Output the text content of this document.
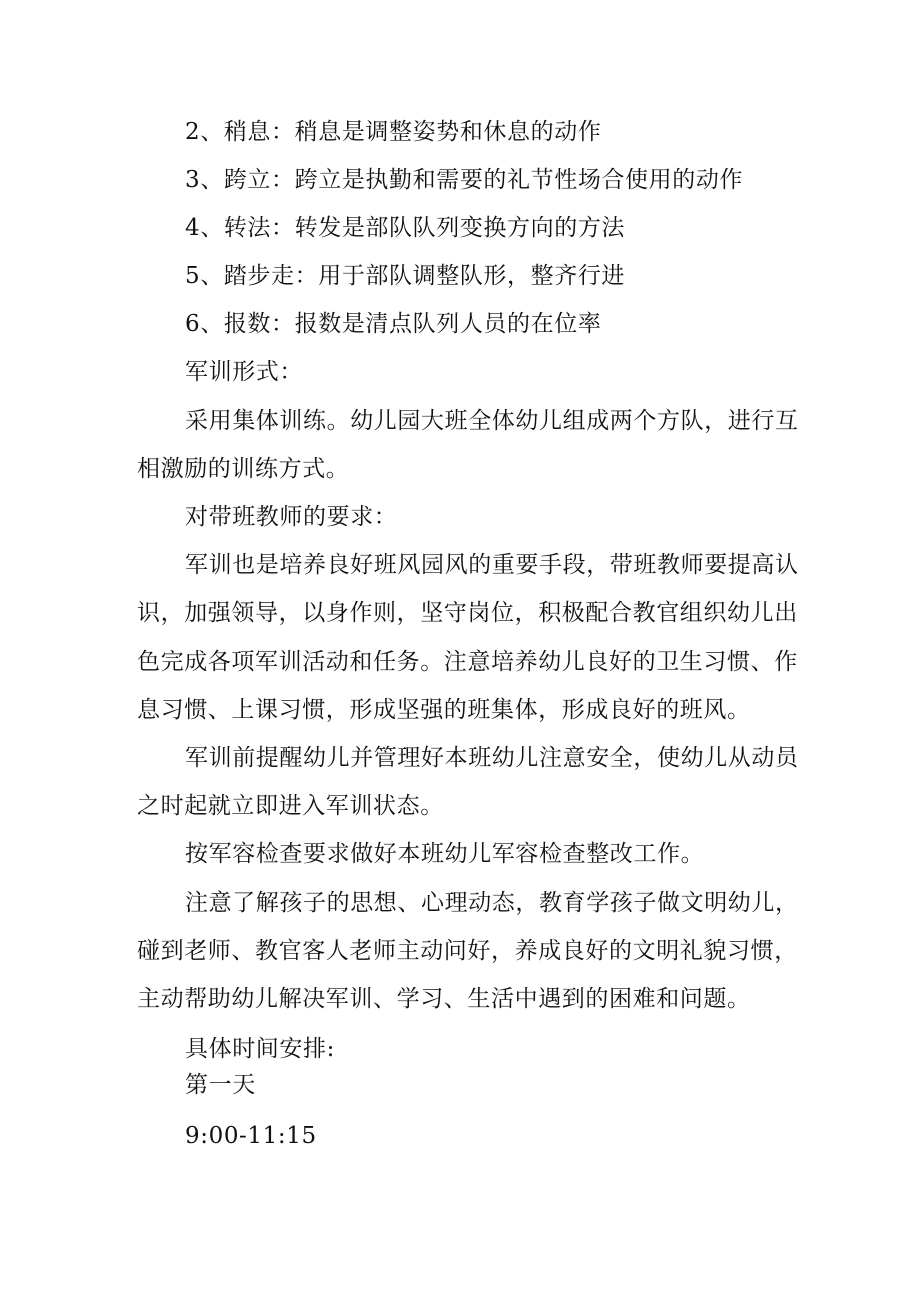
2、稍息：稍息是调整姿势和休息的动作
3、跨立：跨立是执勤和需要的礼节性场合使用的动作
4、转法：转发是部队队列变换方向的方法
5、踏步走：用于部队调整队形，整齐行进
6、报数：报数是清点队列人员的在位率
军训形式：
采用集体训练。幼儿园大班全体幼儿组成两个方队，进行互
相激励的训练方式。
对带班教师的要求：
军训也是培养良好班风园风的重要手段，带班教师要提高认
识，加强领导，以身作则，坚守岗位，积极配合教官组织幼儿出
色完成各项军训活动和任务。注意培养幼儿良好的卫生习惯、作
息习惯、上课习惯，形成坚强的班集体，形成良好的班风。
军训前提醒幼儿并管理好本班幼儿注意安全，使幼儿从动员
之时起就立即进入军训状态。
按军容检查要求做好本班幼儿军容检查整改工作。
注意了解孩子的思想、心理动态，教育学孩子做文明幼儿，
碰到老师、教官客人老师主动问好，养成良好的文明礼貌习惯，
主动帮助幼儿解决军训、学习、生活中遇到的困难和问题。
具体时间安排:
第一天
9:00-11:15
